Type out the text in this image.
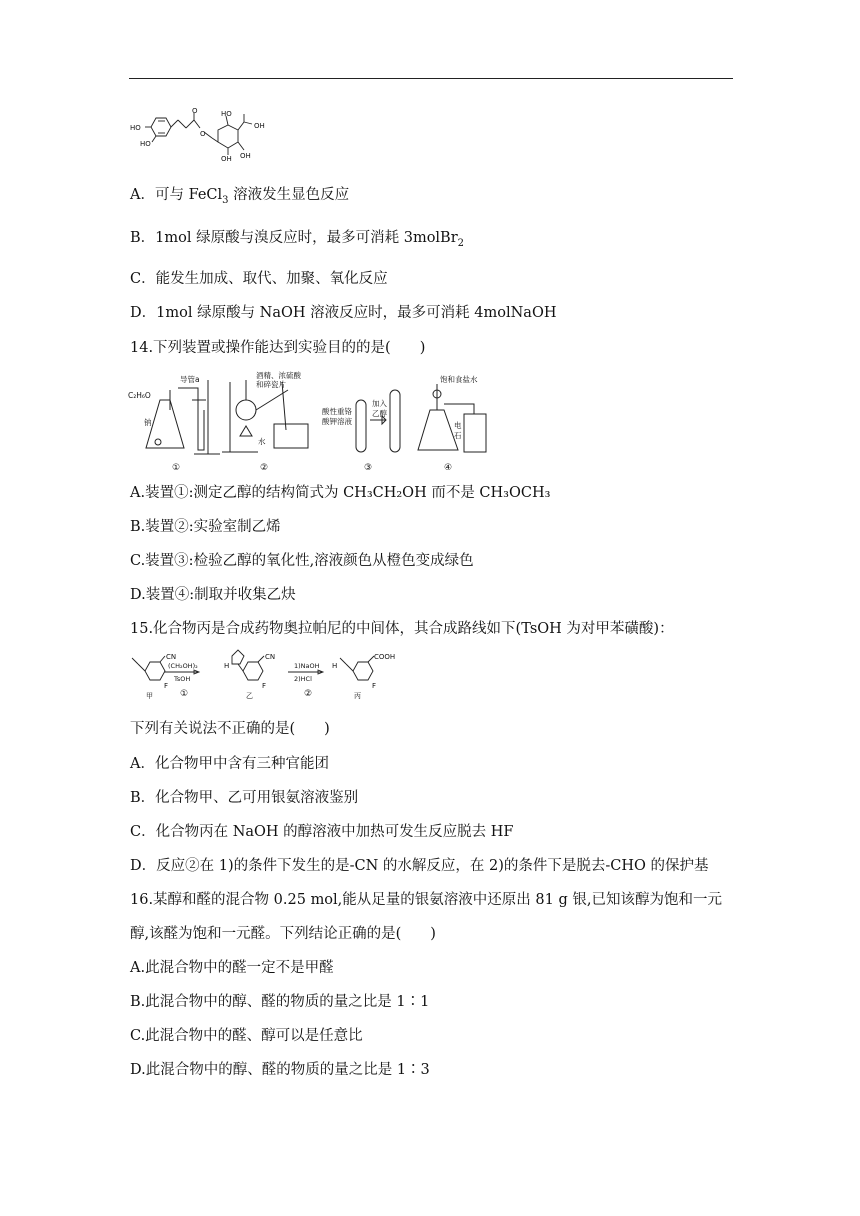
HO
HO
O
O
HO
OH
OH
OH
A．可与 FeCl$_3$ 溶液发生显色反应
B．1mol 绿原酸与溴反应时，最多可消耗 3molBr$_2$
C．能发生加成、取代、加聚、氧化反应
D．1mol 绿原酸与 NaOH 溶液反应时，最多可消耗 4molNaOH
14.下列装置或操作能达到实验目的的是(　　)
C₂H₆O
导管a
钠
①
酒精、浓硫酸
和碎瓷片
水
②
酸性重铬
酸钾溶液
加入
乙醇
③
饱和食盐水
电
石
④
A.装置①:测定乙醇的结构简式为 CH₃CH₂OH 而不是 CH₃OCH₃
B.装置②:实验室制乙烯
C.装置③:检验乙醇的氧化性,溶液颜色从橙色变成绿色
D.装置④:制取并收集乙炔
15.化合物丙是合成药物奥拉帕尼的中间体，其合成路线如下(TsOH 为对甲苯磺酸)：
CN
F
甲
(CH₂OH)₂
TsOH
①
H
CN
F
乙
1)NaOH
2)HCl
②
H
COOH
F
丙
下列有关说法不正确的是(　　)
A．化合物甲中含有三种官能团
B．化合物甲、乙可用银氨溶液鉴别
C．化合物丙在 NaOH 的醇溶液中加热可发生反应脱去 HF
D．反应②在 1)的条件下发生的是-CN 的水解反应，在 2)的条件下是脱去-CHO 的保护基
16.某醇和醛的混合物 0.25 mol,能从足量的银氨溶液中还原出 81 g 银,已知该醇为饱和一元
醇,该醛为饱和一元醛。下列结论正确的是(　　)
A.此混合物中的醛一定不是甲醛
B.此混合物中的醇、醛的物质的量之比是 1∶1
C.此混合物中的醛、醇可以是任意比
D.此混合物中的醇、醛的物质的量之比是 1∶3
